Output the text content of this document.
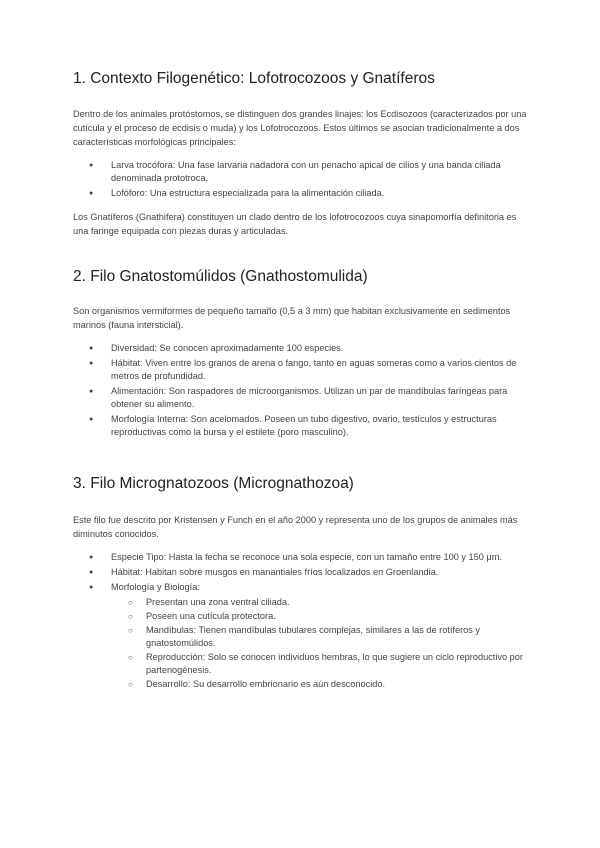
1. Contexto Filogenético: Lofotrocozoos y Gnatíferos

Dentro de los animales protóstomos, se distinguen dos grandes linajes: los Ecdisozoos (caracterizados por una cutícula y el proceso de ecdisis o muda) y los Lofotrocozoos. Estos últimos se asocian tradicionalmente a dos características morfológicas principales:

● Larva trocófora: Una fase larvaria nadadora con un penacho apical de cilios y una banda ciliada denominada prototroca.
● Lofóforo: Una estructura especializada para la alimentación ciliada.

Los Gnatíferos (Gnathifera) constituyen un clado dentro de los lofotrocozoos cuya sinapomorfía definitoria es una faringe equipada con piezas duras y articuladas.

2. Filo Gnatostomúlidos (Gnathostomulida)

Son organismos vermiformes de pequeño tamaño (0,5 a 3 mm) que habitan exclusivamente en sedimentos marinos (fauna intersticial).

● Diversidad: Se conocen aproximadamente 100 especies.
● Hábitat: Viven entre los granos de arena o fango, tanto en aguas someras como a varios cientos de metros de profundidad.
● Alimentación: Son raspadores de microorganismos. Utilizan un par de mandíbulas faríngeas para obtener su alimento.
● Morfología Interna: Son acelomados. Poseen un tubo digestivo, ovario, testículos y estructuras reproductivas como la bursa y el estilete (poro masculino).
3. Filo Micrognatozoos (Micrognathozoa)

Este filo fue descrito por Kristensen y Funch en el año 2000 y representa uno de los grupos de animales más diminutos conocidos.

● Especie Tipo: Hasta la fecha se reconoce una sola especie, con un tamaño entre 100 y 150 μm.
● Hábitat: Habitan sobre musgos en manantiales fríos localizados en Groenlandia.
● Morfología y Biología:
○ Presentan una zona ventral ciliada.
○ Poseen una cutícula protectora.
○ Mandíbulas: Tienen mandíbulas tubulares complejas, similares a las de rotíferos y gnatostomúlidos.
○ Reproducción: Solo se conocen individuos hembras, lo que sugiere un ciclo reproductivo por partenogénesis.
○ Desarrollo: Su desarrollo embrionario es aún desconocido.
